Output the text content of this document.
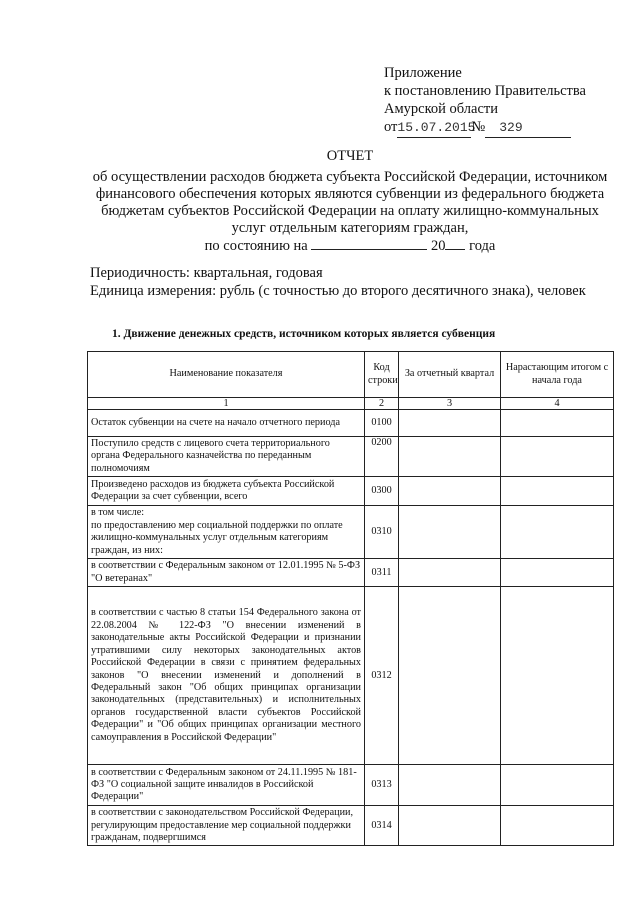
Приложение
к постановлению Правительства
Амурской области
от 15.07.2015
№	329
ОТЧЕТ
об осуществлении расходов бюджета субъекта Российской Федерации, источником
финансового обеспечения которых являются субвенции из федерального бюджета
бюджетам субъектов Российской Федерации на оплату жилищно-коммунальных
услуг отдельным категориям граждан,
по состоянию на	20 года
Периодичность: квартальная, годовая
Единица измерения: рубль (с точностью до второго десятичного знака), человек
1. Движение денежных средств, источником которых является субвенция
Наименование показателя	Код строки	За отчетный квартал	Нарастающим итогом с начала года
1	2	3	4
Остаток субвенции на счете на начало отчетного периода	0100		
Поступило средств с лицевого счета территориального органа Федерального казначейства по переданным полномочиям	0200		
Произведено расходов из бюджета субъекта Российской Федерации за счет субвенции, всего	0300		

в том числе:
по предоставлению мер социальной поддержки по оплате жилищно-коммунальных услуг отдельным категориям граждан, из них:	0310		
в соответствии с Федеральным законом от 12.01.1995 № 5-ФЗ "О ветеранах"	0311		
в соответствии с частью 8 статьи 154 Федерального закона от 22.08.2004 № 122-ФЗ "О внесении изменений в законодательные акты Российской Федерации и признании утратившими силу некоторых законодательных актов Российской Федерации в связи с принятием федеральных законов "О внесении изменений и дополнений в Федеральный закон "Об общих принципах организации законодательных (представительных) и исполнительных органов государственной власти субъектов Российской Федерации" и "Об общих принципах организации местного самоуправления в Российской Федерации"	0312		
в соответствии с Федеральным законом от 24.11.1995 № 181-ФЗ "О социальной защите инвалидов в Российской Федерации"	0313		
в соответствии с законодательством Российской Федерации, регулирующим предоставление мер социальной поддержки гражданам, подвергшимся	0314		
